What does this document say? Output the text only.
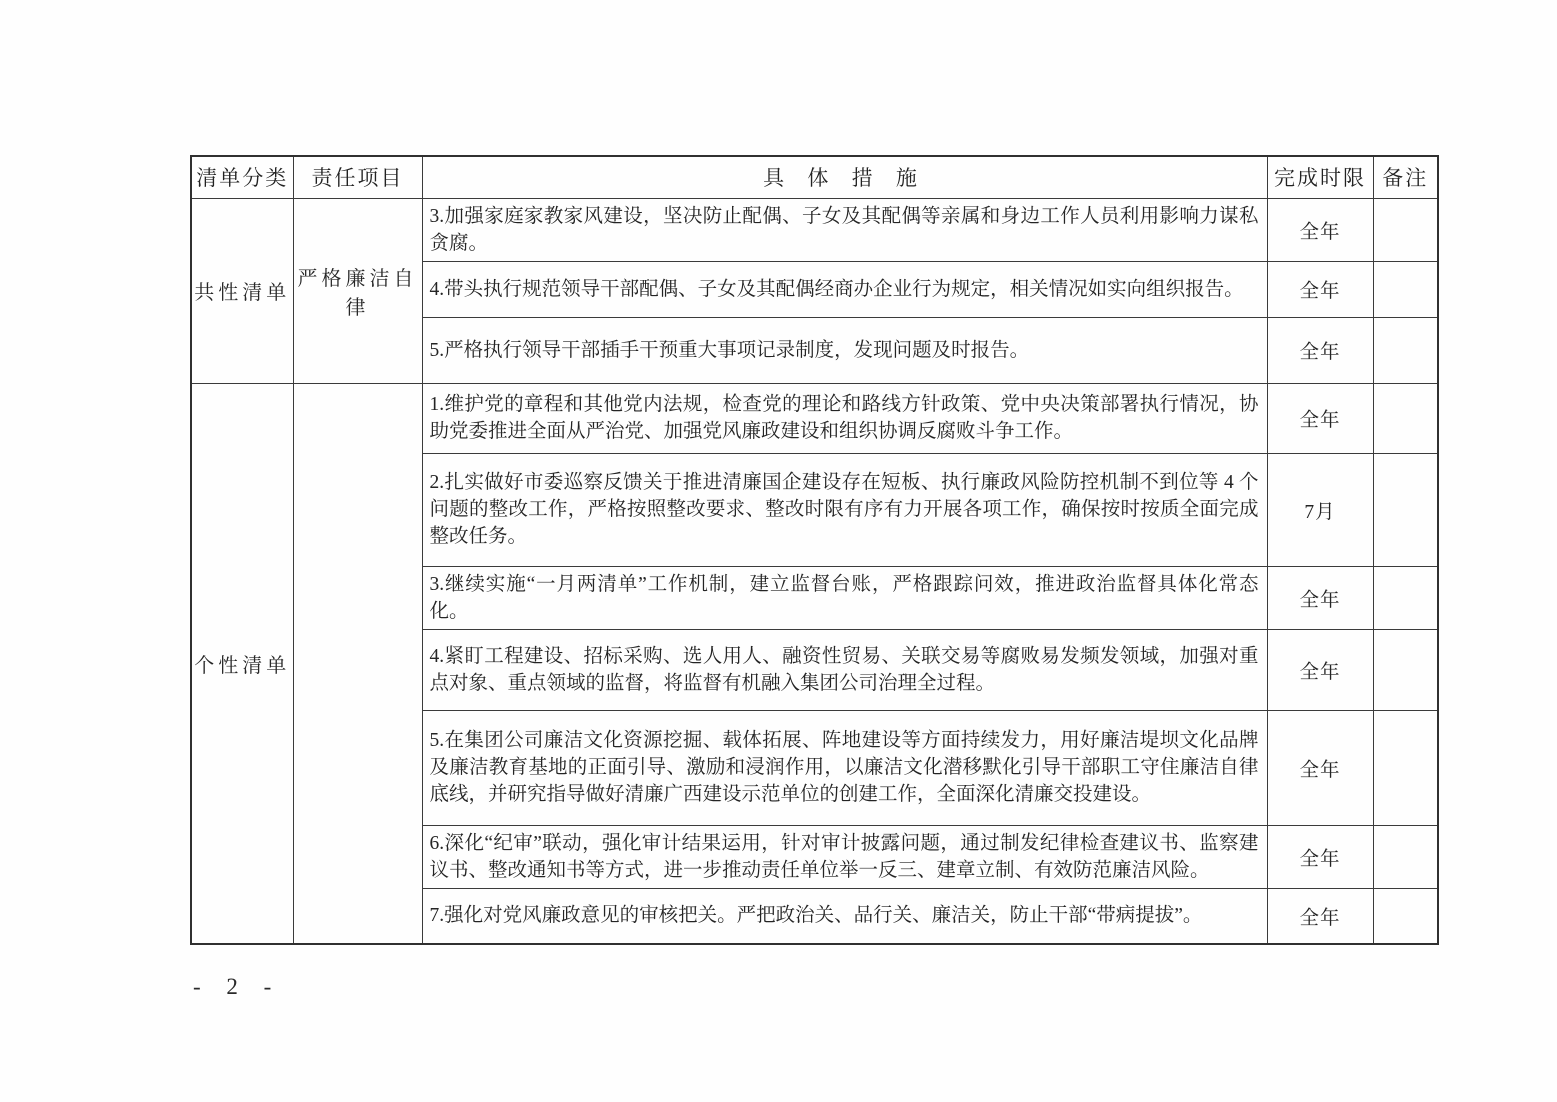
清单分类	责任项目	具 体 措 施	完成时限	备注
共性清单	严格廉洁自律	3.加强家庭家教家风建设，坚决防止配偶、子女及其配偶等亲属和身边工作人员利用影响力谋私贪腐。	全年	
		4.带头执行规范领导干部配偶、子女及其配偶经商办企业行为规定，相关情况如实向组织报告。	全年	
		5.严格执行领导干部插手干预重大事项记录制度，发现问题及时报告。	全年	
个性清单		1.维护党的章程和其他党内法规，检查党的理论和路线方针政策、党中央决策部署执行情况，协助党委推进全面从严治党、加强党风廉政建设和组织协调反腐败斗争工作。	全年	
		2.扎实做好市委巡察反馈关于推进清廉国企建设存在短板、执行廉政风险防控机制不到位等 4 个问题的整改工作，严格按照整改要求、整改时限有序有力开展各项工作，确保按时按质全面完成整改任务。	7月	
		3.继续实施“一月两清单”工作机制，建立监督台账，严格跟踪问效，推进政治监督具体化常态化。	全年	
		4.紧盯工程建设、招标采购、选人用人、融资性贸易、关联交易等腐败易发频发领域，加强对重点对象、重点领域的监督，将监督有机融入集团公司治理全过程。	全年	
		5.在集团公司廉洁文化资源挖掘、载体拓展、阵地建设等方面持续发力，用好廉洁堤坝文化品牌及廉洁教育基地的正面引导、激励和浸润作用，以廉洁文化潜移默化引导干部职工守住廉洁自律底线，并研究指导做好清廉广西建设示范单位的创建工作，全面深化清廉交投建设。	全年	
		6.深化“纪审”联动，强化审计结果运用，针对审计披露问题，通过制发纪律检查建议书、监察建议书、整改通知书等方式，进一步推动责任单位举一反三、建章立制、有效防范廉洁风险。	全年	
		7.强化对党风廉政意见的审核把关。严把政治关、品行关、廉洁关，防止干部“带病提拔”。	全年	
- 2 -
